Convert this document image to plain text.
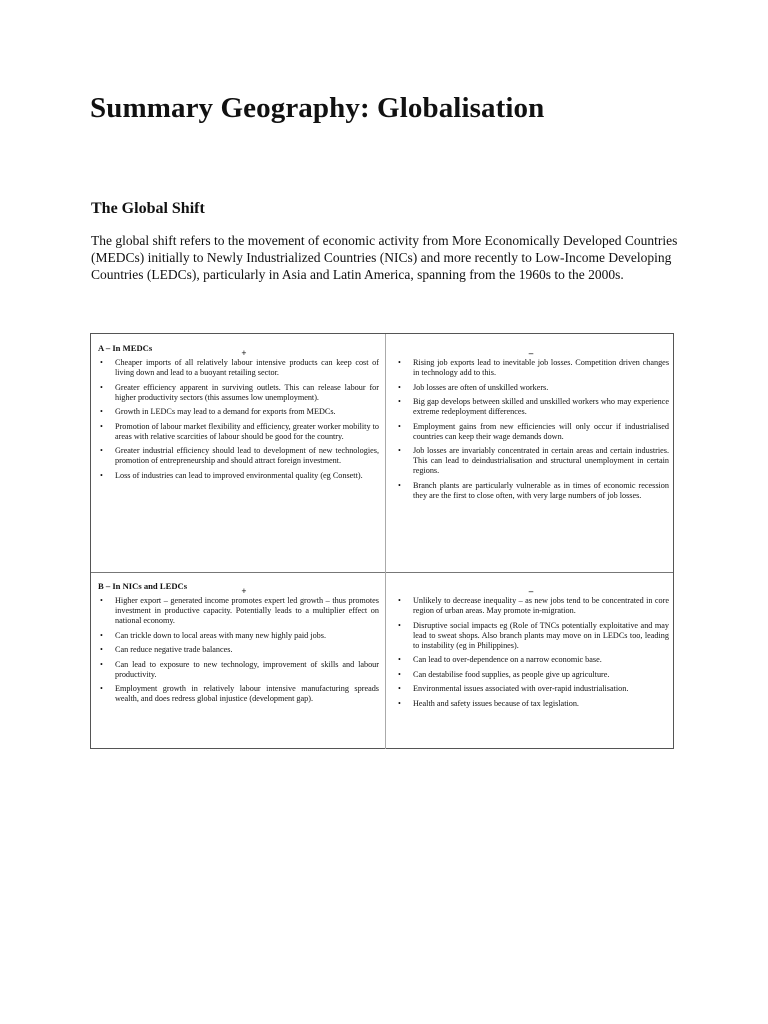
Summary Geography: Globalisation
The Global Shift

The global shift refers to the movement of economic activity from More Economically Developed Countries (MEDCs) initially to Newly Industrialized Countries (NICs) and more recently to Low-Income Developing Countries (LEDCs), particularly in Asia and Latin America, spanning from the 1960s to the 2000s.

A – In MEDCs	+
• Cheaper imports of all relatively labour intensive products can keep cost of living down and lead to a buoyant retailing sector.
• Greater efficiency apparent in surviving outlets. This can release labour for higher productivity sectors (this assumes low unemployment).
• Growth in LEDCs may lead to a demand for exports from MEDCs.
• Promotion of labour market flexibility and efficiency, greater worker mobility to areas with relative scarcities of labour should be good for the country.
• Greater industrial efficiency should lead to development of new technologies, promotion of entrepreneurship and should attract foreign investment.
• Loss of industries can lead to improved environmental quality (eg Consett).
–
• Rising job exports lead to inevitable job losses. Competition driven changes in technology add to this.
• Job losses are often of unskilled workers.
• Big gap develops between skilled and unskilled workers who may experience extreme redeployment differences.
• Employment gains from new efficiencies will only occur if industrialised countries can keep their wage demands down.
• Job losses are invariably concentrated in certain areas and certain industries. This can lead to deindustrialisation and structural unemployment in certain regions.
• Branch plants are particularly vulnerable as in times of economic recession they are the first to close often, with very large numbers of job losses.
B – In NICs and LEDCs	+
• Higher export – generated income promotes expert led growth – thus promotes investment in productive capacity. Potentially leads to a multiplier effect on national economy.
• Can trickle down to local areas with many new highly paid jobs.
• Can reduce negative trade balances.
• Can lead to exposure to new technology, improvement of skills and labour productivity.
• Employment growth in relatively labour intensive manufacturing spreads wealth, and does redress global injustice (development gap).
–
• Unlikely to decrease inequality – as new jobs tend to be concentrated in core region of urban areas. May promote in-migration.
• Disruptive social impacts eg (Role of TNCs potentially exploitative and may lead to sweat shops. Also branch plants may move on in LEDCs too, leading to instability (eg in Philippines).
• Can lead to over-dependence on a narrow economic base.
• Can destabilise food supplies, as people give up agriculture.
• Environmental issues associated with over-rapid industrialisation.
• Health and safety issues because of tax legislation.
